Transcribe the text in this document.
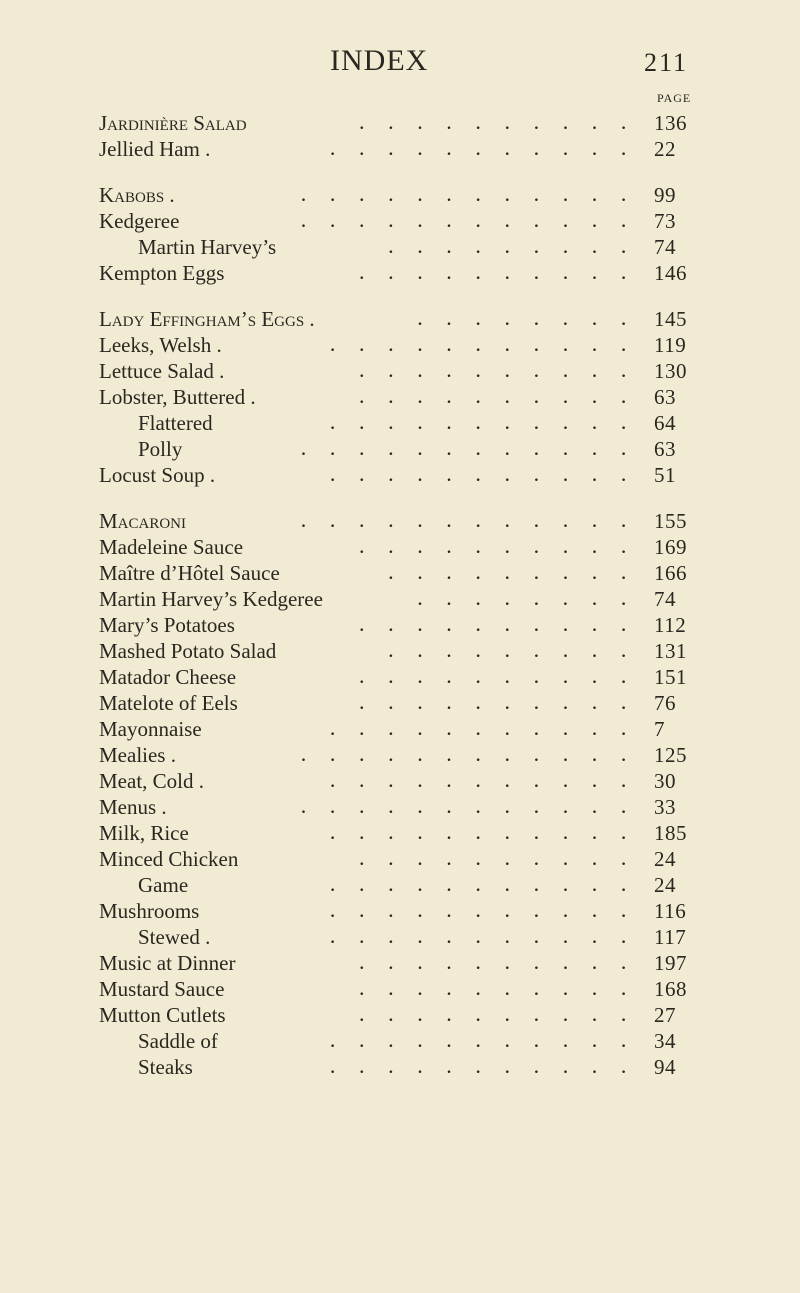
INDEX	211
PAGE
Jardinière Salad	.......... 136
Jellied Ham .	........... 22
Kabobs .	............ 99
Kedgeree	............ 73
Martin Harvey’s	......... 74
Kempton Eggs	.......... 146
Lady Effingham’s Eggs .	........ 145
Leeks, Welsh .	........... 119
Lettuce Salad .	.......... 130
Lobster, Buttered .	.......... 63
Flattered	........... 64
Polly	............ 63
Locust Soup .	........... 51
Macaroni	............ 155
Madeleine Sauce	.......... 169
Maître d’Hôtel Sauce	......... 166
Martin Harvey’s Kedgeree	........ 74
Mary’s Potatoes	.......... 112
Mashed Potato Salad	......... 131
Matador Cheese	.......... 151
Matelote of Eels	.......... 76
Mayonnaise	........... 7
Mealies .	............ 125
Meat, Cold .	........... 30
Menus .	............ 33
Milk, Rice	........... 185
Minced Chicken	.......... 24
Game	........... 24
Mushrooms	........... 116
Stewed .	........... 117
Music at Dinner	.......... 197
Mustard Sauce	.......... 168
Mutton Cutlets	.......... 27
Saddle of	........... 34
Steaks	........... 94
